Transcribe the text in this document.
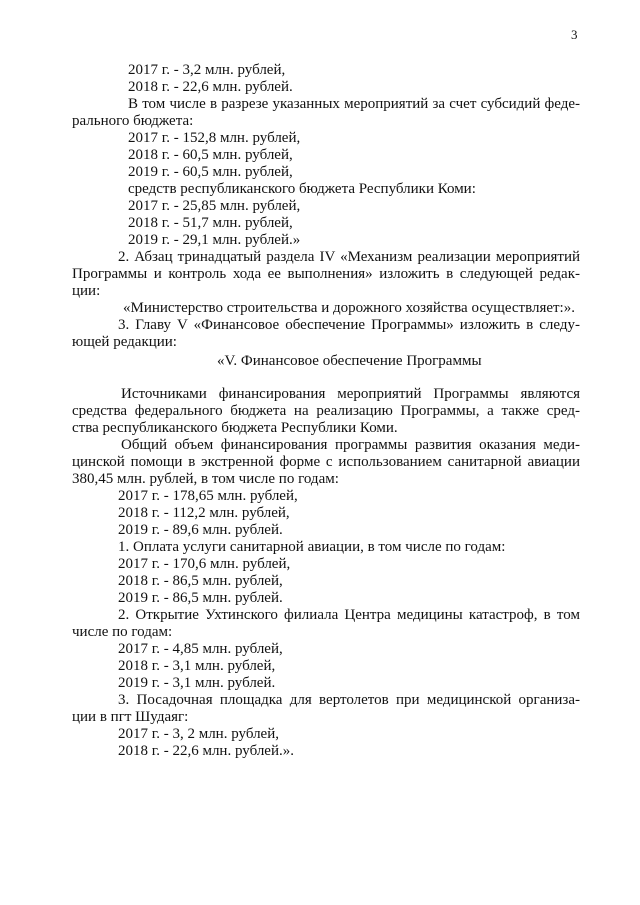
3
2017 г. - 3,2 млн. рублей,
2018 г. - 22,6 млн. рублей.
В том числе в разрезе указанных мероприятий за счет субсидий феде-
рального бюджета:
2017 г. - 152,8 млн. рублей,
2018 г. - 60,5 млн. рублей,
2019 г. - 60,5 млн. рублей,
средств республиканского бюджета Республики Коми:
2017 г. - 25,85 млн. рублей,
2018 г. - 51,7 млн. рублей,
2019 г. - 29,1 млн. рублей.»
2. Абзац тринадцатый раздела IV «Механизм реализации мероприятий
Программы и контроль хода ее выполнения» изложить в следующей редак-
ции:
«Министерство строительства и дорожного хозяйства осуществляет:».
3. Главу V «Финансовое обеспечение Программы» изложить в следу-
ющей редакции:
«V. Финансовое обеспечение Программы
Источниками финансирования мероприятий Программы являются
средства федерального бюджета на реализацию Программы, а также сред-
ства республиканского бюджета Республики Коми.
Общий объем финансирования программы развития оказания меди-
цинской помощи в экстренной форме с использованием санитарной авиации
380,45 млн. рублей, в том числе по годам:
2017 г. - 178,65 млн. рублей,
2018 г. - 112,2 млн. рублей,
2019 г. - 89,6 млн. рублей.
1. Оплата услуги санитарной авиации, в том числе по годам:
2017 г. - 170,6 млн. рублей,
2018 г. - 86,5 млн. рублей,
2019 г. - 86,5 млн. рублей.
2. Открытие Ухтинского филиала Центра медицины катастроф, в том
числе по годам:
2017 г. - 4,85 млн. рублей,
2018 г. - 3,1 млн. рублей,
2019 г. - 3,1 млн. рублей.
3. Посадочная площадка для вертолетов при медицинской организа-
ции в пгт Шудаяг:
2017 г. - 3, 2 млн. рублей,
2018 г. - 22,6 млн. рублей.».
